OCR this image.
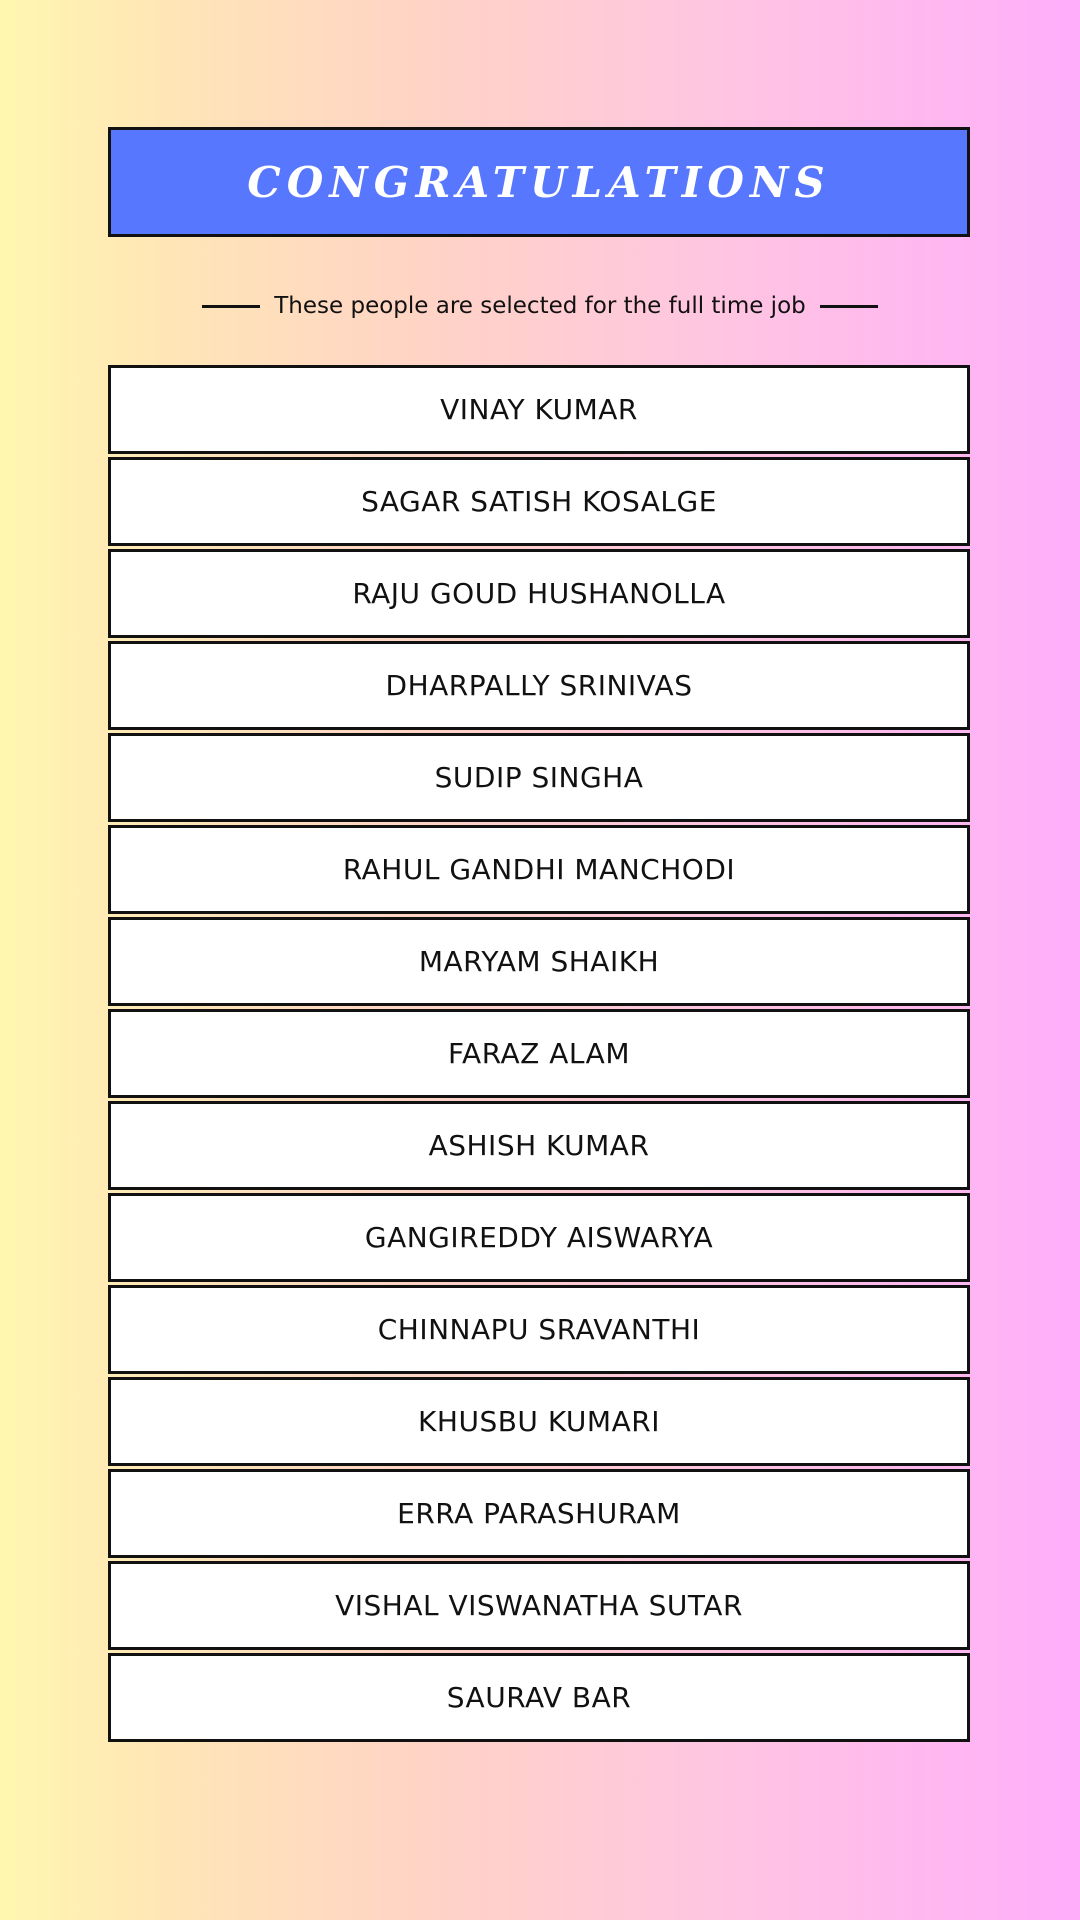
CONGRATULATIONS
These people are selected for the full time job
VINAY KUMAR
SAGAR SATISH KOSALGE
RAJU GOUD HUSHANOLLA
DHARPALLY SRINIVAS
SUDIP SINGHA
RAHUL GANDHI MANCHODI
MARYAM SHAIKH
FARAZ ALAM
ASHISH KUMAR
GANGIREDDY AISWARYA
CHINNAPU SRAVANTHI
KHUSBU KUMARI
ERRA PARASHURAM
VISHAL VISWANATHA SUTAR
SAURAV BAR
